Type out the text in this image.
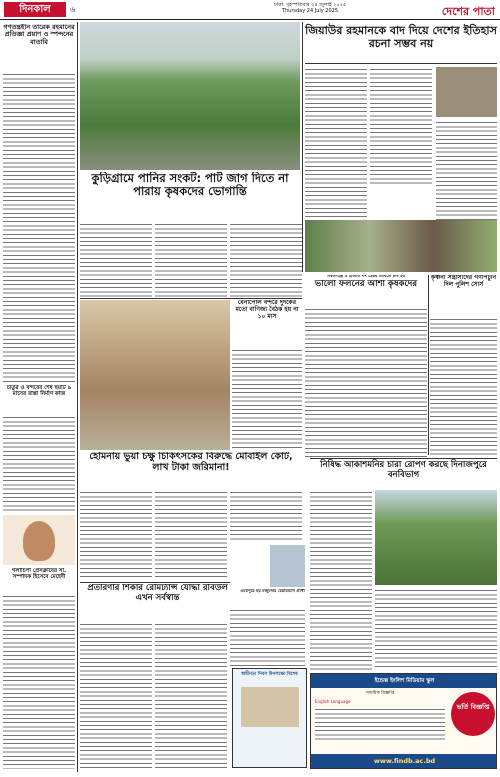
দিনকাল	৬	ঢাকা: বৃহস্পতিবার ২৪ জুলাই ২০২৫
Thursday 24 July 2025	দেশের পাতা
গণতন্ত্রহীন তারেক রহমানের প্রতিজ্ঞা প্রয়াণ ও স্পন্দনের বাতাবি
জিয়াউর রহমানকে বাদ দিয়ে দেশের ইতিহাস রচনা সম্ভব নয়
কুড়িগ্রামে পানির সংকট: পাট জাগ দিতে না পারায় কৃষকদের ভোগান্তি
চাতুর ও বন্দরের শেষ ছয়টি ৯ মাসের রাস্তা নির্মাণ কাজ
বেনাপোল বন্দরে দুদকের মতো বাণিজ্য বৈঠক হয় না ১০ মাস
ঈশ্বরগঞ্জে ৫ হাজার ৭৭ হেক্টর জমিতে চাষ হয়
ভালো ফলনের আশা কৃষকদের
কৃষ্ণনী সন্ত্রাসীদের গণপিটুনি দিল পুলিশ সোর্স
হোমনায় ভুয়া চক্ষু চিকিৎসকের বিরুদ্ধে মোবাইল কোর্ট, লাখ টাকা জরিমানা!
গলাচিপা প্রেসক্লাবের সা. সম্পাদক হিসেবে মেহেদী
ওমরপুরে হয় মজুমদার চেয়ারম্যান প্রার্থী
প্রতারণার শিকার রেমিট্যান্স যোদ্ধা রবিউল এখন সর্বস্বান্ত
নিষিদ্ধ আকাশমনির চারা রোপণ করছে দিনাজপুরে বনবিভাগ
স্বাধীনতা দিবস উপলক্ষ্যে বিশেষ
ইন্ডেক্স ইংলিশ মিডিয়াম স্কুল
সাময়িক বিজ্ঞপ্তি
English Language
ভর্তি বিজ্ঞপ্তি
www.findb.ac.bd
